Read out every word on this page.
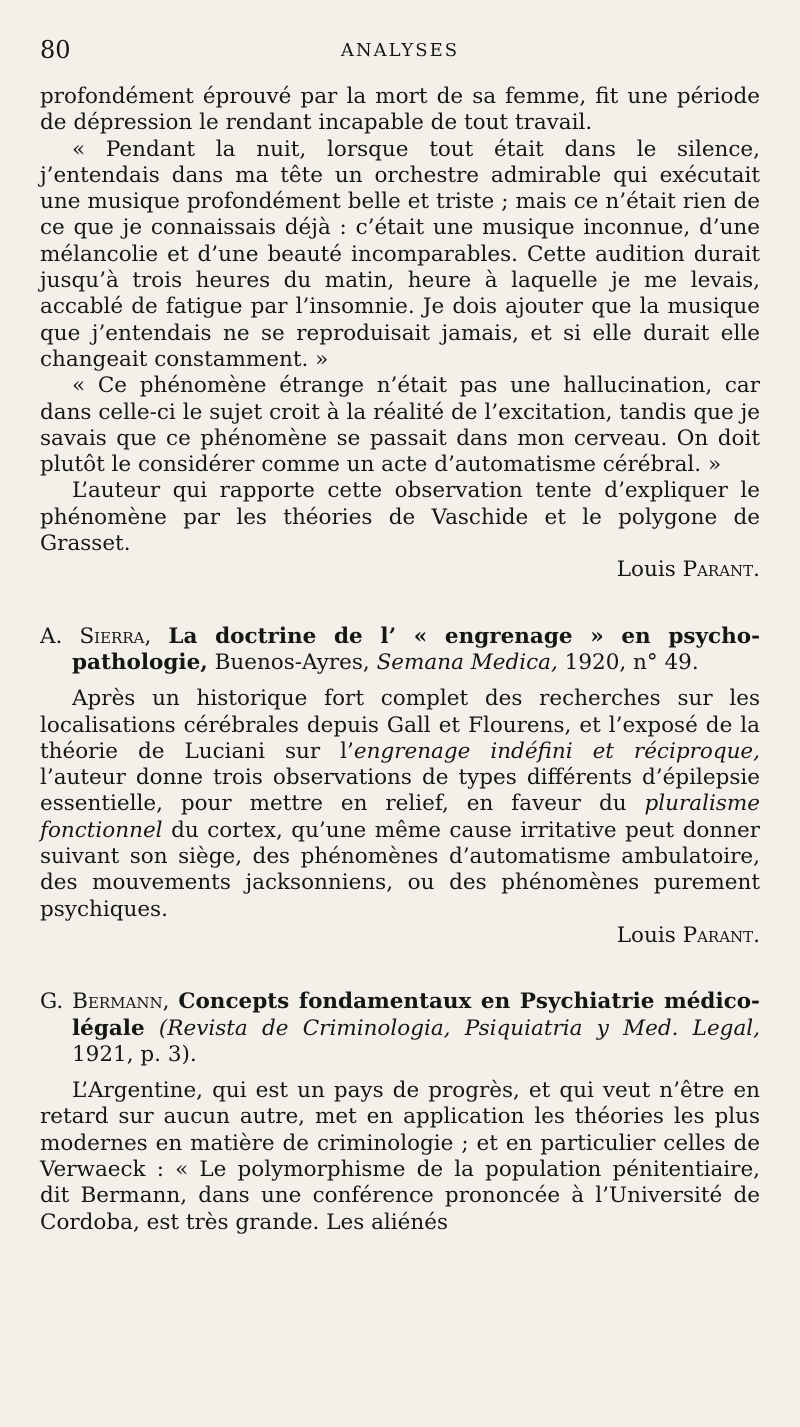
80	ANALYSES

profondément éprouvé par la mort de sa femme, fit une période de dépression le rendant incapable de tout travail.

« Pendant la nuit, lorsque tout était dans le silence, j’entendais dans ma tête un orchestre admirable qui exécutait une musique profondément belle et triste ; mais ce n’était rien de ce que je connaissais déjà : c’était une musique inconnue, d’une mélancolie et d’une beauté incomparables. Cette audition durait jusqu’à trois heures du matin, heure à laquelle je me levais, accablé de fatigue par l’insomnie. Je dois ajouter que la musique que j’entendais ne se reproduisait jamais, et si elle durait elle changeait constamment. »

« Ce phénomène étrange n’était pas une hallucination, car dans celle-ci le sujet croit à la réalité de l’excitation, tandis que je savais que ce phénomène se passait dans mon cerveau. On doit plutôt le considérer comme un acte d’automatisme cérébral. »

L’auteur qui rapporte cette observation tente d’expliquer le phénomène par les théories de Vaschide et le polygone de Grasset.

Louis Parant.

A. Sierra, La doctrine de l’ « engrenage » en psycho-pathologie, Buenos-Ayres, Semana Medica, 1920, n° 49.

Après un historique fort complet des recherches sur les localisations cérébrales depuis Gall et Flourens, et l’exposé de la théorie de Luciani sur l’engrenage indéfini et réciproque, l’auteur donne trois observations de types différents d’épilepsie essentielle, pour mettre en relief, en faveur du pluralisme fonctionnel du cortex, qu’une même cause irritative peut donner suivant son siège, des phénomènes d’automatisme ambulatoire, des mouvements jacksonniens, ou des phénomènes purement psychiques.

Louis Parant.

G. Bermann, Concepts fondamentaux en Psychiatrie médico-légale (Revista de Criminologia, Psiquiatria y Med. Legal, 1921, p. 3).

L’Argentine, qui est un pays de progrès, et qui veut n’être en retard sur aucun autre, met en application les théories les plus modernes en matière de criminologie ; et en particulier celles de Verwaeck : « Le polymorphisme de la population pénitentiaire, dit Bermann, dans une conférence prononcée à l’Université de Cordoba, est très grande. Les aliénés
